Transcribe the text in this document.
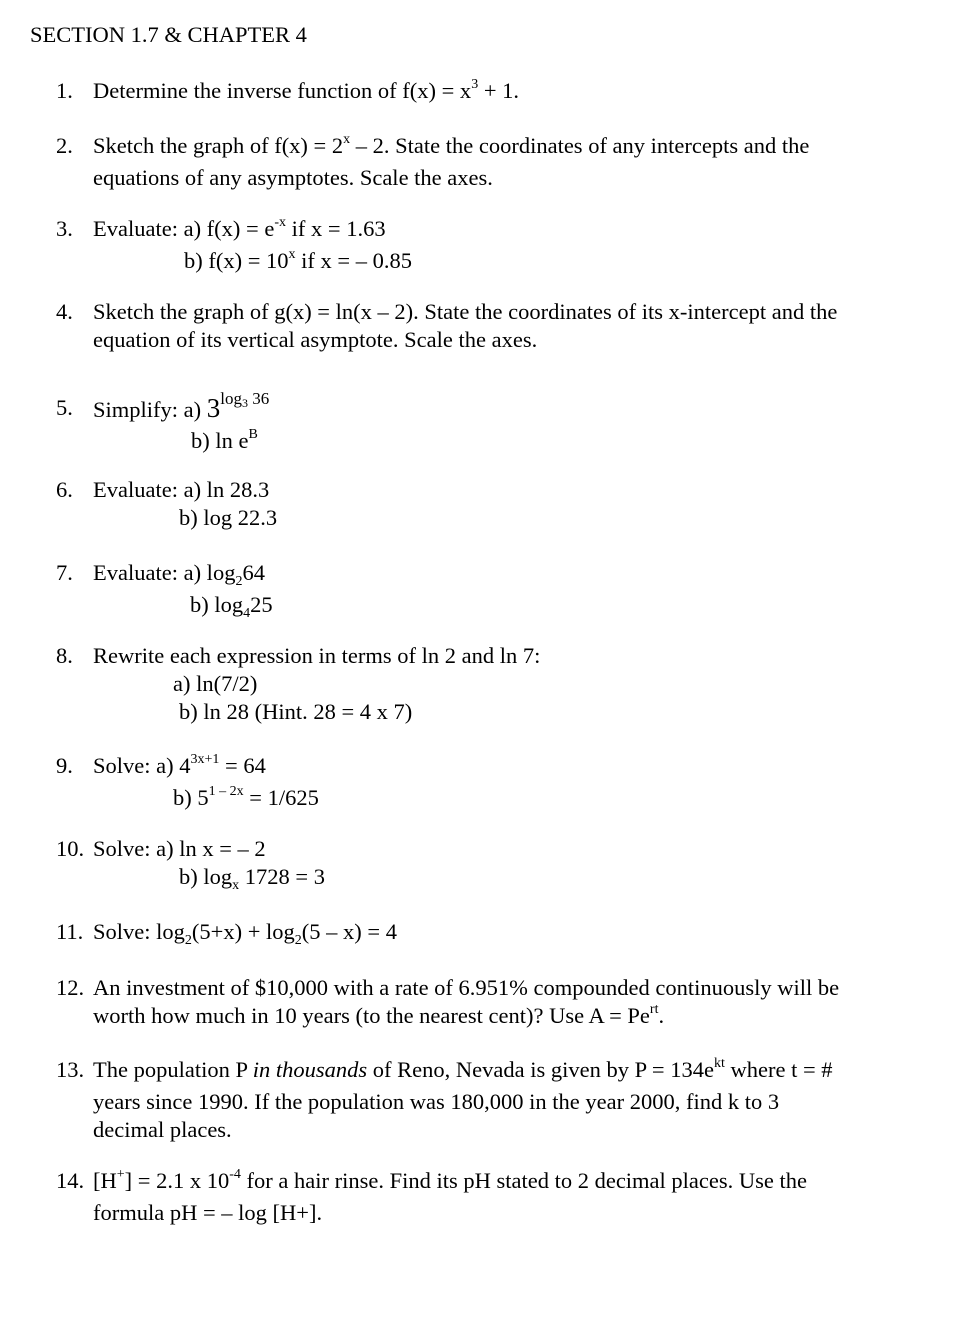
SECTION 1.7 & CHAPTER 4
1. Determine the inverse function of $f(x) = x^3 + 1$.
2. Sketch the graph of $f(x) = 2^x - 2$. State the coordinates of any intercepts and the
equations of any asymptotes. Scale the axes.
3. Evaluate: a) $f(x) = e^{-x}$ if x = 1.63
b) $f(x) = 10^x$ if x = – 0.85
4. Sketch the graph of g(x) = ln(x – 2). State the coordinates of its x-intercept and the
equation of its vertical asymptote. Scale the axes.
5. Simplify: a) $3^{log_3 36}$
b) $\ln e^B$
6. Evaluate: a) ln 28.3
b) log 22.3
7. Evaluate: a) $\log_264$
b) $\log_425$
8. Rewrite each expression in terms of ln 2 and ln 7:
a) ln(7/2)
b) ln 28 (Hint. 28 = 4 x 7)
9. Solve: a) $4^{3x+1} = 64$
b) $5^{1 - 2x} = 1/625$
10. Solve: a) ln x = – 2
b) $\log_x 1728 = 3$
11. Solve: $\log_2(5+x) + \log_2(5 - x) = 4$
12. An investment of $10,000 with a rate of 6.951% compounded continuously will be
worth how much in 10 years (to the nearest cent)? Use $A = Pe^{rt}$.
13. The population P in thousands of Reno, Nevada is given by $P = 134e^{kt}$ where t = #
years since 1990. If the population was 180,000 in the year 2000, find k to 3
decimal places.
14. [H+] = 2.1 x $10^{-4}$ for a hair rinse. Find its pH stated to 2 decimal places. Use the
formula pH = – log [H+].
